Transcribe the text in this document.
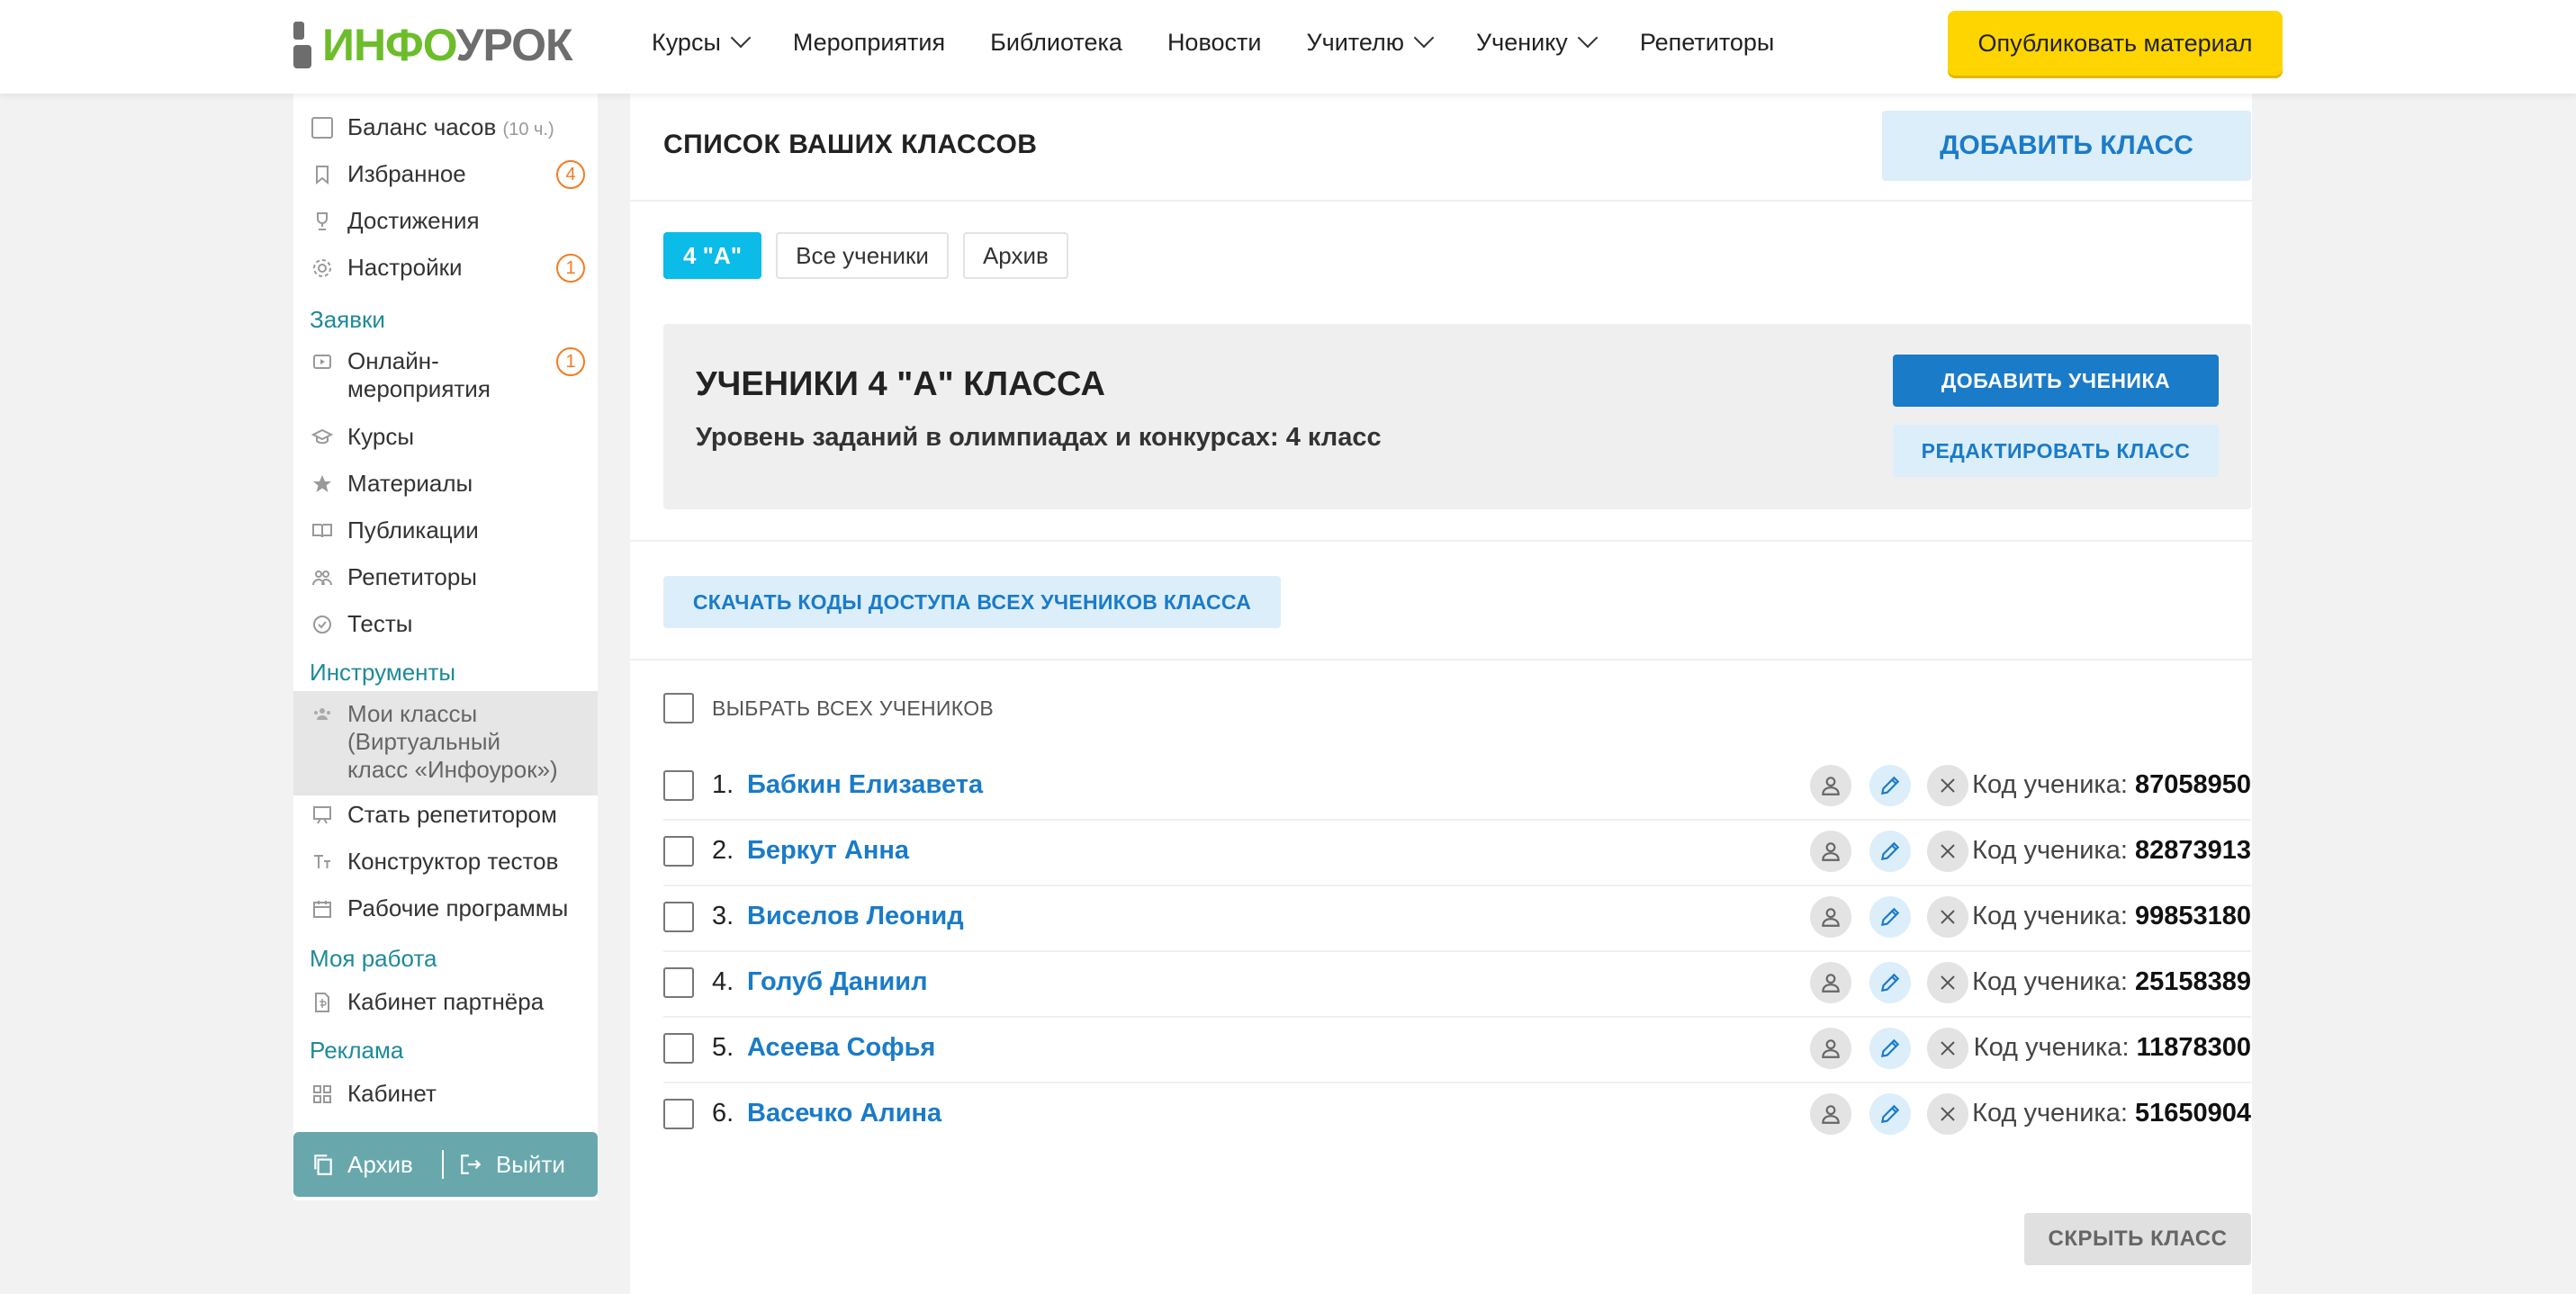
ИНФОУРОК	Курсы	Мероприятия Библиотека Новости Учителю	Ученику	Репетиторы	Опубликовать материал
Баланс часов (10 ч.)
Избранное	4
Достижения
Настройки	1
Заявки
Онлайн-
мероприятия
1
Курсы
Материалы
Публикации
Репетиторы
Тесты
Инструменты
Мои классы
(Виртуальный
класс «Инфоурок»)
Стать репетитором
Конструктор тестов
Рабочие программы
Моя работа
Кабинет партнёра
Реклама
Кабинет
Архив	Выйти
СПИСОК ВАШИХ КЛАССОВ	ДОБАВИТЬ КЛАСС
4 "А"	Все ученики	Архив
УЧЕНИКИ 4 "А" КЛАССА
Уровень заданий в олимпиадах и конкурсах: 4 класс
ДОБАВИТЬ УЧЕНИКА
РЕДАКТИРОВАТЬ КЛАСС
СКАЧАТЬ КОДЫ ДОСТУПА ВСЕХ УЧЕНИКОВ КЛАССА
ВЫБРАТЬ ВСЕХ УЧЕНИКОВ
1. Бабкин Елизавета	Код ученика: 87058950
2. Беркут Анна	Код ученика: 82873913
3. Виселов Леонид	Код ученика: 99853180
4. Голуб Даниил	Код ученика: 25158389
5. Асеева Софья	Код ученика: 11878300
6. Васечко Алина	Код ученика: 51650904
СКРЫТЬ КЛАСС
